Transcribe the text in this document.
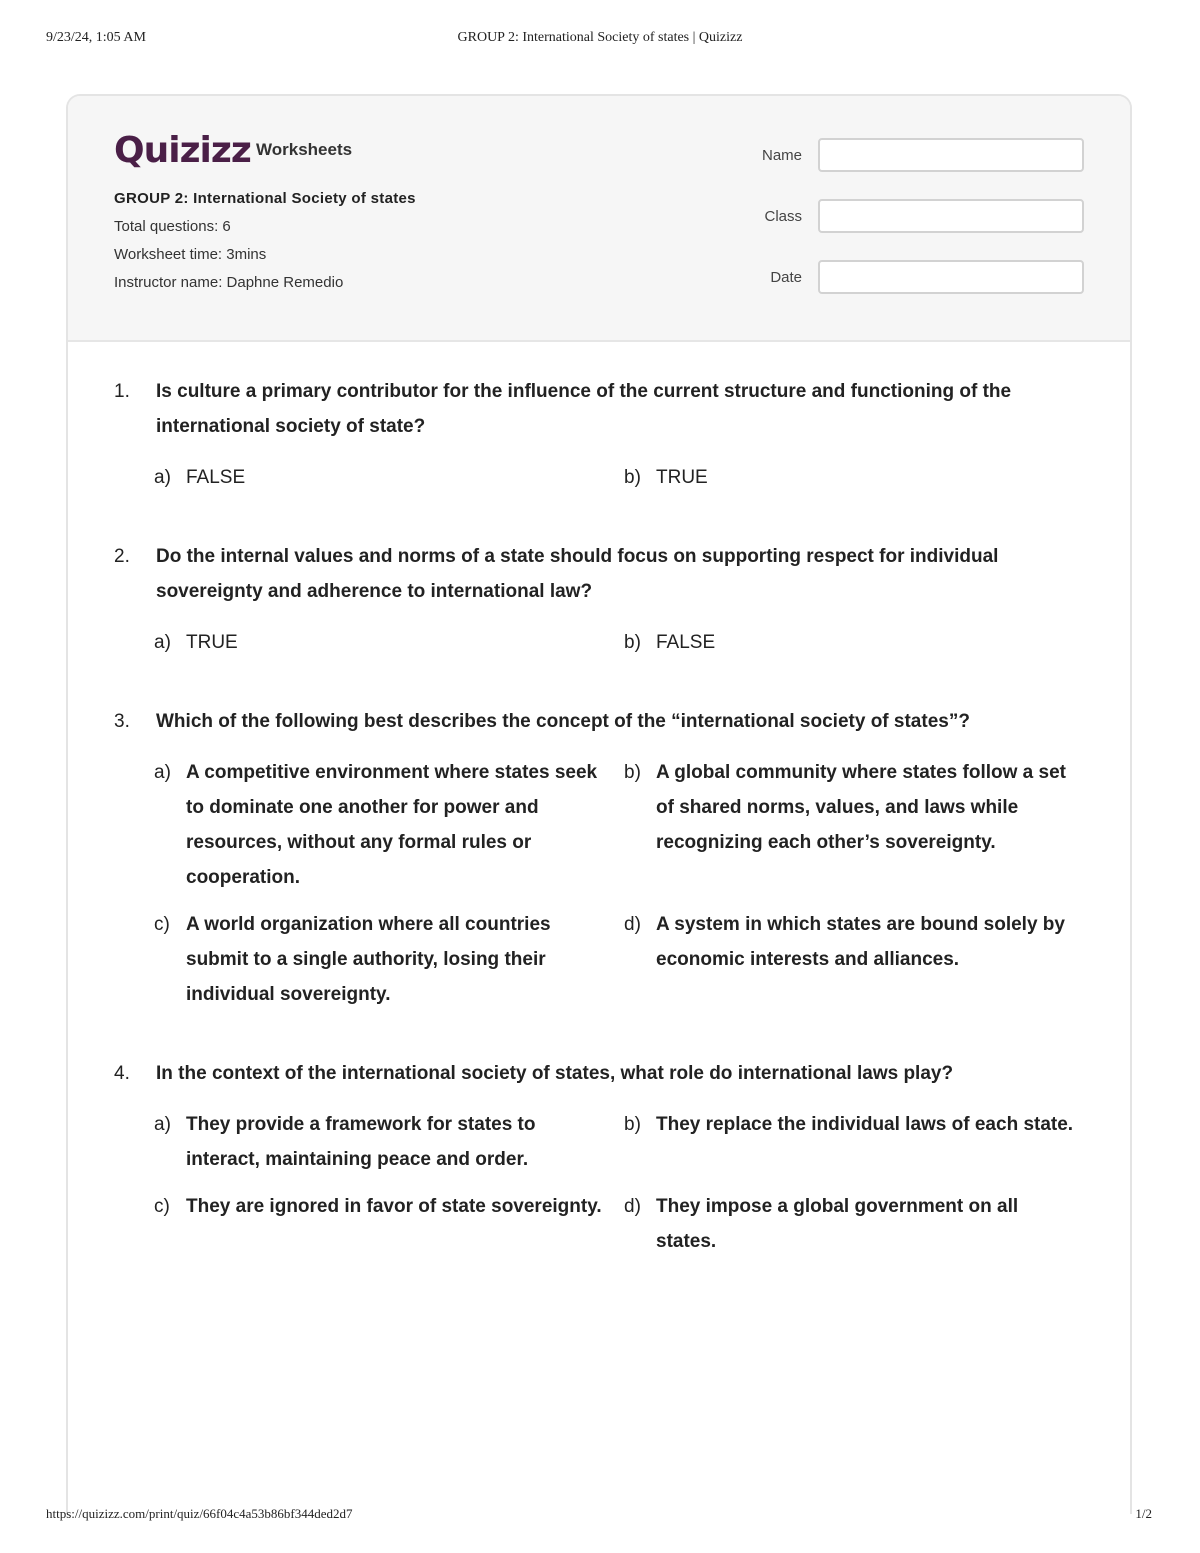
9/23/24, 1:05 AM	GROUP 2: International Society of states | Quizizz
Quizizz Worksheets
GROUP 2: International Society of states
Total questions: 6
Worksheet time: 3mins
Instructor name: Daphne Remedio
Name
Class
Date
1. Is culture a primary contributor for the influence of the current structure and functioning of the international society of state?
a) FALSE	b) TRUE
2. Do the internal values and norms of a state should focus on supporting respect for individual sovereignty and adherence to international law?
a) TRUE	b) FALSE
3. Which of the following best describes the concept of the “international society of states”?
a) A competitive environment where states seek to dominate one another for power and resources, without any formal rules or cooperation.
b) A global community where states follow a set of shared norms, values, and laws while recognizing each other’s sovereignty.
c) A world organization where all countries submit to a single authority, losing their individual sovereignty.
d) A system in which states are bound solely by economic interests and alliances.
4. In the context of the international society of states, what role do international laws play?
a) They provide a framework for states to interact, maintaining peace and order.
b) They replace the individual laws of each state.
c) They are ignored in favor of state sovereignty.	d) They impose a global government on all states.
https://quizizz.com/print/quiz/66f04c4a53b86bf344ded2d7	1/2
